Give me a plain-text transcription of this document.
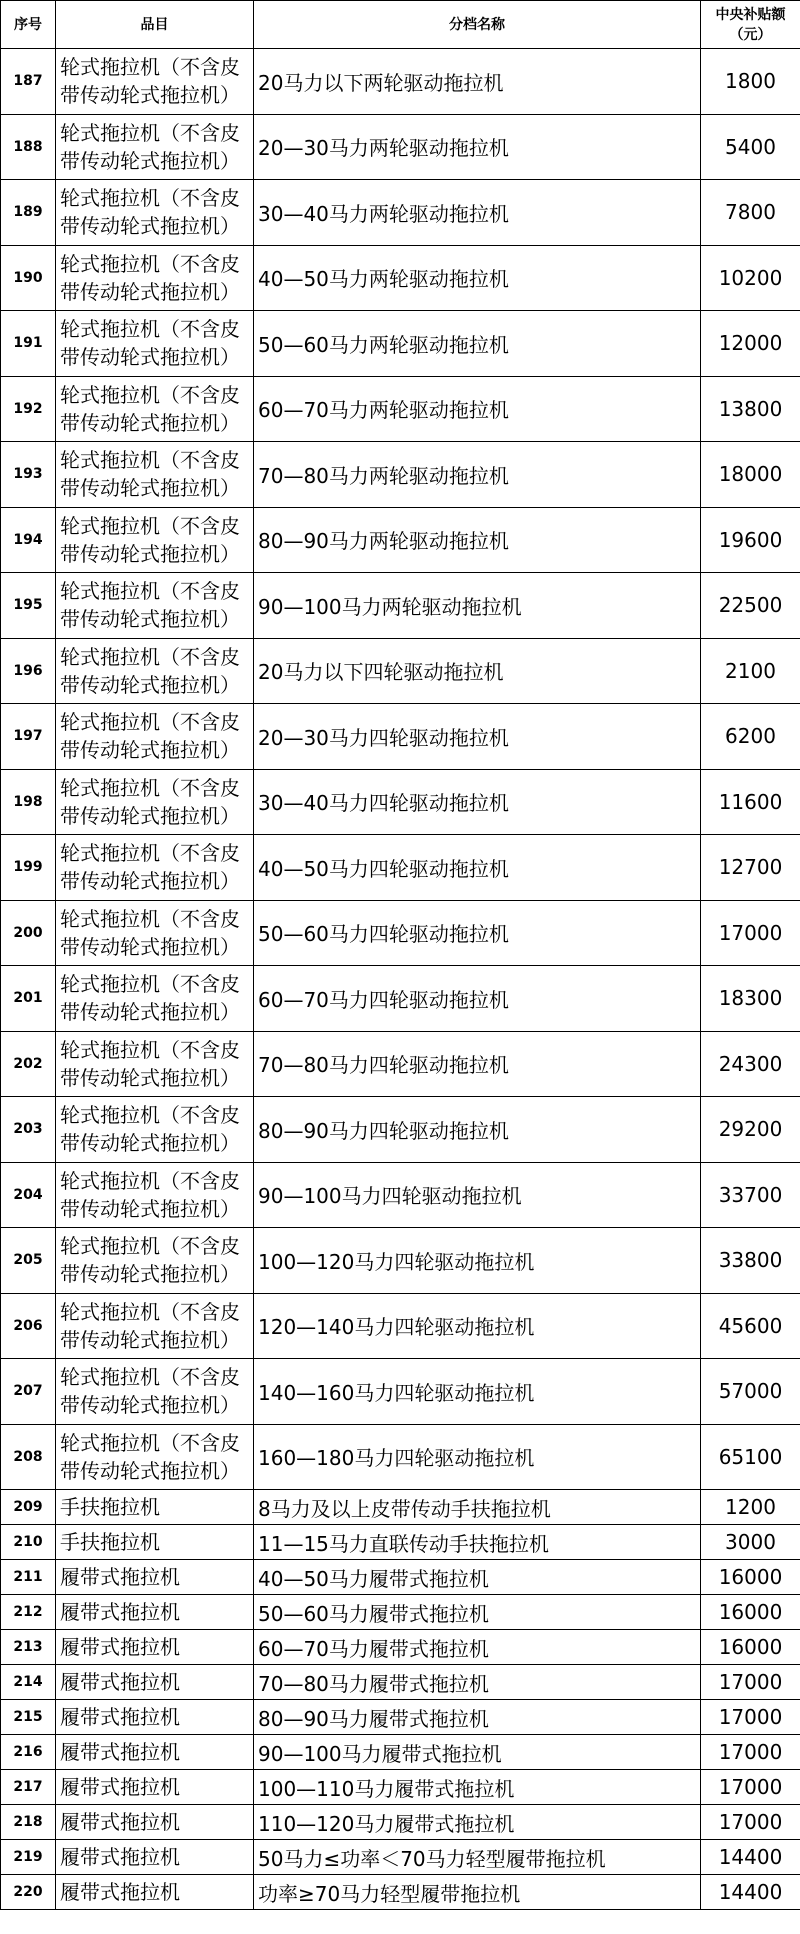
序号	品目	分档名称	中央补贴额
（元）

187	轮式拖拉机（不含皮带传动轮式拖拉机）	20马力以下两轮驱动拖拉机	1800
188	轮式拖拉机（不含皮带传动轮式拖拉机）	20—30马力两轮驱动拖拉机	5400
189	轮式拖拉机（不含皮带传动轮式拖拉机）	30—40马力两轮驱动拖拉机	7800
190	轮式拖拉机（不含皮带传动轮式拖拉机）	40—50马力两轮驱动拖拉机	10200
191	轮式拖拉机（不含皮带传动轮式拖拉机）	50—60马力两轮驱动拖拉机	12000
192	轮式拖拉机（不含皮带传动轮式拖拉机）	60—70马力两轮驱动拖拉机	13800
193	轮式拖拉机（不含皮带传动轮式拖拉机）	70—80马力两轮驱动拖拉机	18000
194	轮式拖拉机（不含皮带传动轮式拖拉机）	80—90马力两轮驱动拖拉机	19600
195	轮式拖拉机（不含皮带传动轮式拖拉机）	90—100马力两轮驱动拖拉机	22500
196	轮式拖拉机（不含皮带传动轮式拖拉机）	20马力以下四轮驱动拖拉机	2100
197	轮式拖拉机（不含皮带传动轮式拖拉机）	20—30马力四轮驱动拖拉机	6200
198	轮式拖拉机（不含皮带传动轮式拖拉机）	30—40马力四轮驱动拖拉机	11600
199	轮式拖拉机（不含皮带传动轮式拖拉机）	40—50马力四轮驱动拖拉机	12700
200	轮式拖拉机（不含皮带传动轮式拖拉机）	50—60马力四轮驱动拖拉机	17000
201	轮式拖拉机（不含皮带传动轮式拖拉机）	60—70马力四轮驱动拖拉机	18300
202	轮式拖拉机（不含皮带传动轮式拖拉机）	70—80马力四轮驱动拖拉机	24300
203	轮式拖拉机（不含皮带传动轮式拖拉机）	80—90马力四轮驱动拖拉机	29200
204	轮式拖拉机（不含皮带传动轮式拖拉机）	90—100马力四轮驱动拖拉机	33700
205	轮式拖拉机（不含皮带传动轮式拖拉机）	100—120马力四轮驱动拖拉机	33800
206	轮式拖拉机（不含皮带传动轮式拖拉机）	120—140马力四轮驱动拖拉机	45600
207	轮式拖拉机（不含皮带传动轮式拖拉机）	140—160马力四轮驱动拖拉机	57000
208	轮式拖拉机（不含皮带传动轮式拖拉机）	160—180马力四轮驱动拖拉机	65100
209	手扶拖拉机	8马力及以上皮带传动手扶拖拉机	1200
210	手扶拖拉机	11—15马力直联传动手扶拖拉机	3000
211	履带式拖拉机	40—50马力履带式拖拉机	16000
212	履带式拖拉机	50—60马力履带式拖拉机	16000
213	履带式拖拉机	60—70马力履带式拖拉机	16000
214	履带式拖拉机	70—80马力履带式拖拉机	17000
215	履带式拖拉机	80—90马力履带式拖拉机	17000
216	履带式拖拉机	90—100马力履带式拖拉机	17000
217	履带式拖拉机	100—110马力履带式拖拉机	17000
218	履带式拖拉机	110—120马力履带式拖拉机	17000
219	履带式拖拉机	50马力≤功率＜70马力轻型履带拖拉机	14400
220	履带式拖拉机	功率≥70马力轻型履带拖拉机	14400
